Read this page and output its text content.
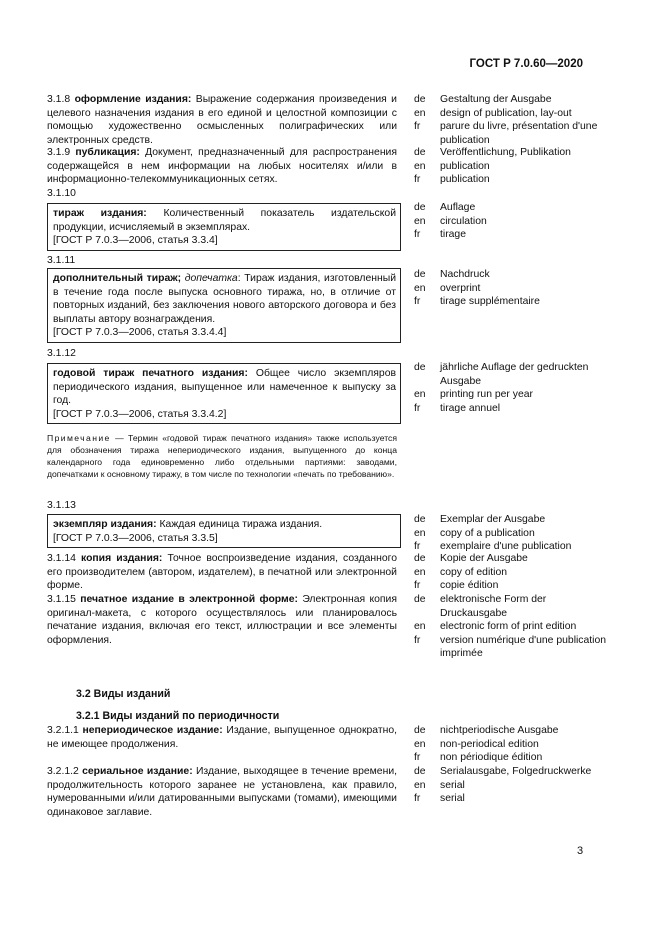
ГОСТ Р 7.0.60—2020
3.1.8 оформление издания: Выражение содержания произведения и целевого назначения издания в его единой и целостной композиции с помощью художественно осмысленных полиграфических или электронных средств.
de	Gestaltung der Ausgabe
en	design of publication, lay-out
fr	parure du livre, présentation d'une publication
3.1.9 публикация: Документ, предназначенный для распространения содержащейся в нем информации на любых носителях и/или в информационно-телекоммуникационных сетях.
de	Veröffentlichung, Publikation
en	publication
fr	publication
3.1.10
тираж издания: Количественный показатель издательской продукции, исчисляемый в экземплярах.
[ГОСТ Р 7.0.3—2006, статья 3.3.4]
de	Auflage
en	circulation
fr	tirage
3.1.11
дополнительный тираж; допечатка: Тираж издания, изготовленный в течение года после выпуска основного тиража, но, в отличие от повторных изданий, без заключения нового авторского договора и без выплаты автору вознаграждения.
[ГОСТ Р 7.0.3—2006, статья 3.3.4.4]
de	Nachdruck
en	overprint
fr	tirage supplémentaire
3.1.12
годовой тираж печатного издания: Общее число экземпляров периодического издания, выпущенное или намеченное к выпуску за год.
[ГОСТ Р 7.0.3—2006, статья 3.3.4.2]
de	jährliche Auflage der gedruckten Ausgabe
en	printing run per year
fr	tirage annuel
Примечание — Термин «годовой тираж печатного издания» также используется для обозначения тиража непериодического издания, выпущенного до конца календарного года единовременно либо отдельными партиями: заводами, допечатками к основному тиражу, в том числе по технологии «печать по требованию».
3.1.13
экземпляр издания: Каждая единица тиража издания.
[ГОСТ Р 7.0.3—2006, статья 3.3.5]
de	Exemplar der Ausgabe
en	copy of a publication
fr	exemplaire d'une publication
3.1.14 копия издания: Точное воспроизведение издания, созданного его производителем (автором, издателем), в печатной или электронной форме.
de	Kopie der Ausgabe
en	copy of edition
fr	copie édition
3.1.15 печатное издание в электронной форме: Электронная копия оригинал-макета, с которого осуществлялось или планировалось печатание издания, включая его текст, иллюстрации и все элементы оформления.
de	elektronische Form der Druckausgabe
en	electronic form of print edition
fr	version numérique d'une publication imprimée
3.2 Виды изданий
3.2.1 Виды изданий по периодичности
3.2.1.1 непериодическое издание: Издание, выпущенное однократно, не имеющее продолжения.
de	nichtperiodische Ausgabe
en	non-periodical edition
fr	non périodique édition
3.2.1.2 сериальное издание: Издание, выходящее в течение времени, продолжительность которого заранее не установлена, как правило, нумерованными и/или датированными выпусками (томами), имеющими одинаковое заглавие.
de	Serialausgabe, Folgedruckwerke
en	serial
fr	serial
3
